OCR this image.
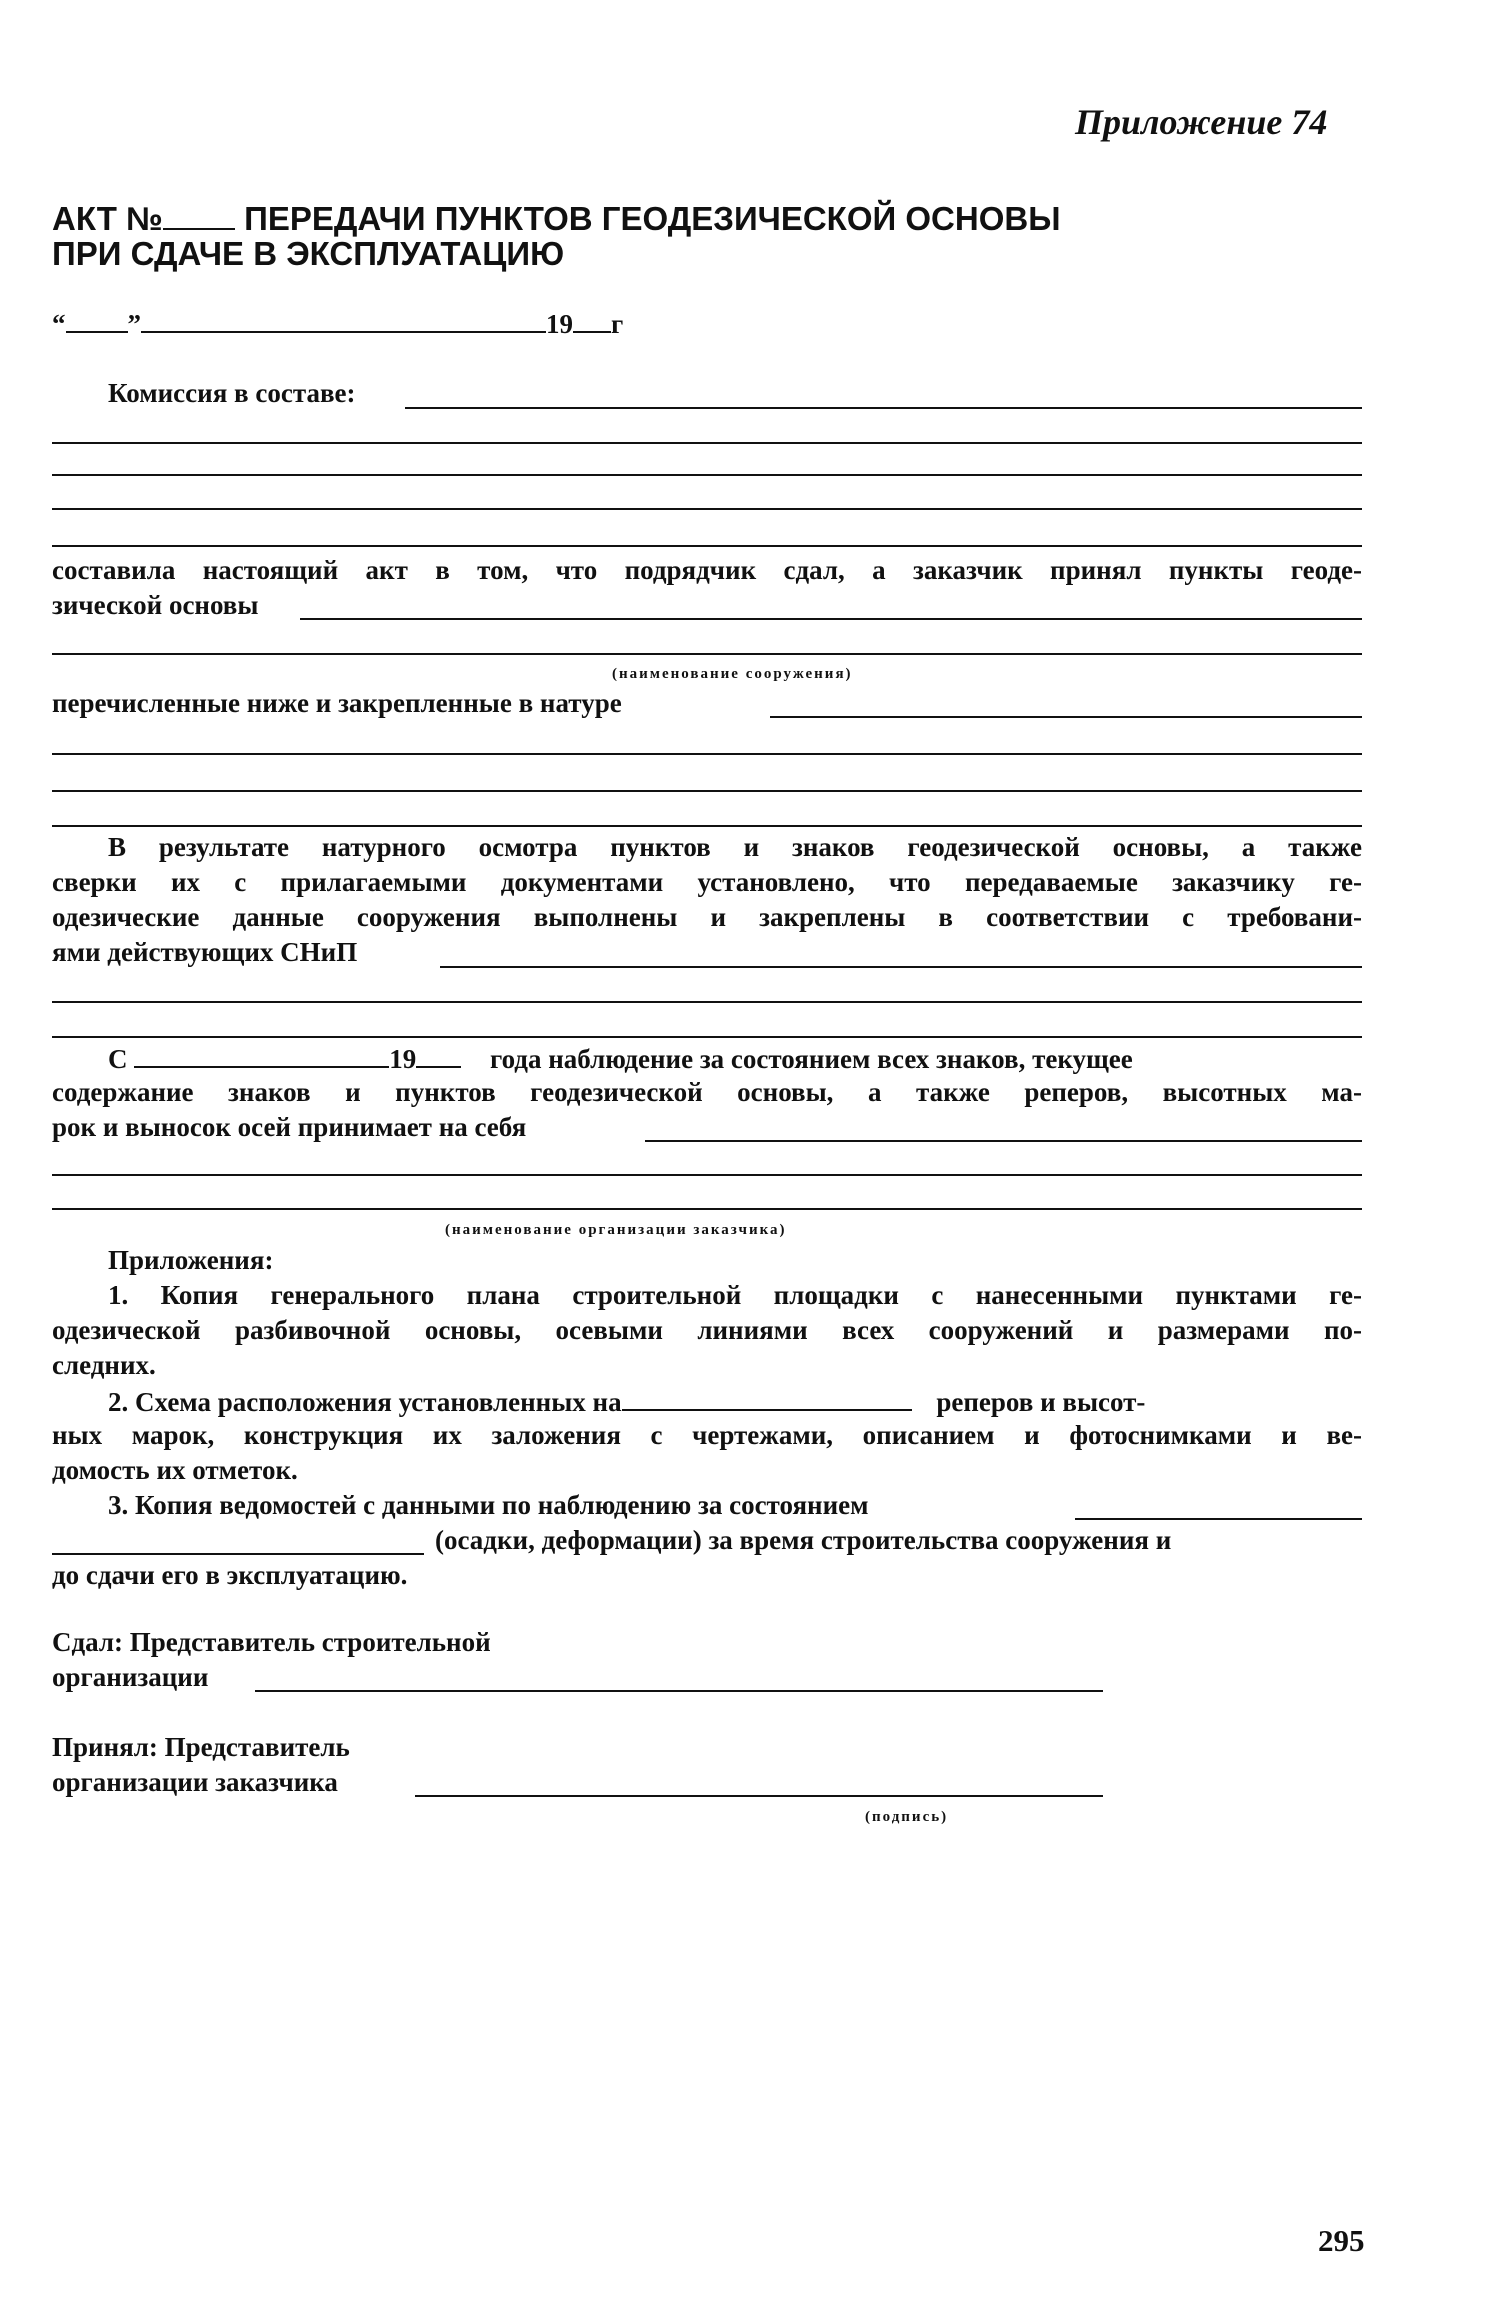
Приложение 74
АКТ № ПЕРЕДАЧИ ПУНКТОВ ГЕОДЕЗИЧЕСКОЙ ОСНОВЫ
ПРИ СДАЧЕ В ЭКСПЛУАТАЦИЮ
“ ”	19 г
Комиссия в составе:
составила настоящий акт в том, что подрядчик сдал, а заказчик принял пункты геоде-
зической основы
(наименование сооружения)
перечисленные ниже и закрепленные в натуре
В результате натурного осмотра пунктов и знаков геодезической основы, а также
сверки их с прилагаемыми документами установлено, что передаваемые заказчику ге-
одезические данные сооружения выполнены и закреплены в соответствии с требовани-
ями действующих СНиП
С	19	года наблюдение за состоянием всех знаков, текущее
содержание знаков и пунктов геодезической основы, а также реперов, высотных ма-
рок и выносок осей принимает на себя
(наименование организации заказчика)
Приложения:
1. Копия генерального плана строительной площадки с нанесенными пунктами ге-
одезической разбивочной основы, осевыми линиями всех сооружений и размерами по-
следних.
2. Схема расположения установленных на	реперов и высот-
ных марок, конструкция их заложения с чертежами, описанием и фотоснимками и ве-
домость их отметок.
3. Копия ведомостей с данными по наблюдению за состоянием
(осадки, деформации) за время строительства сооружения и
до сдачи его в эксплуатацию.
Сдал: Представитель строительной
организации
Принял: Представитель
организации заказчика
(подпись)
295
